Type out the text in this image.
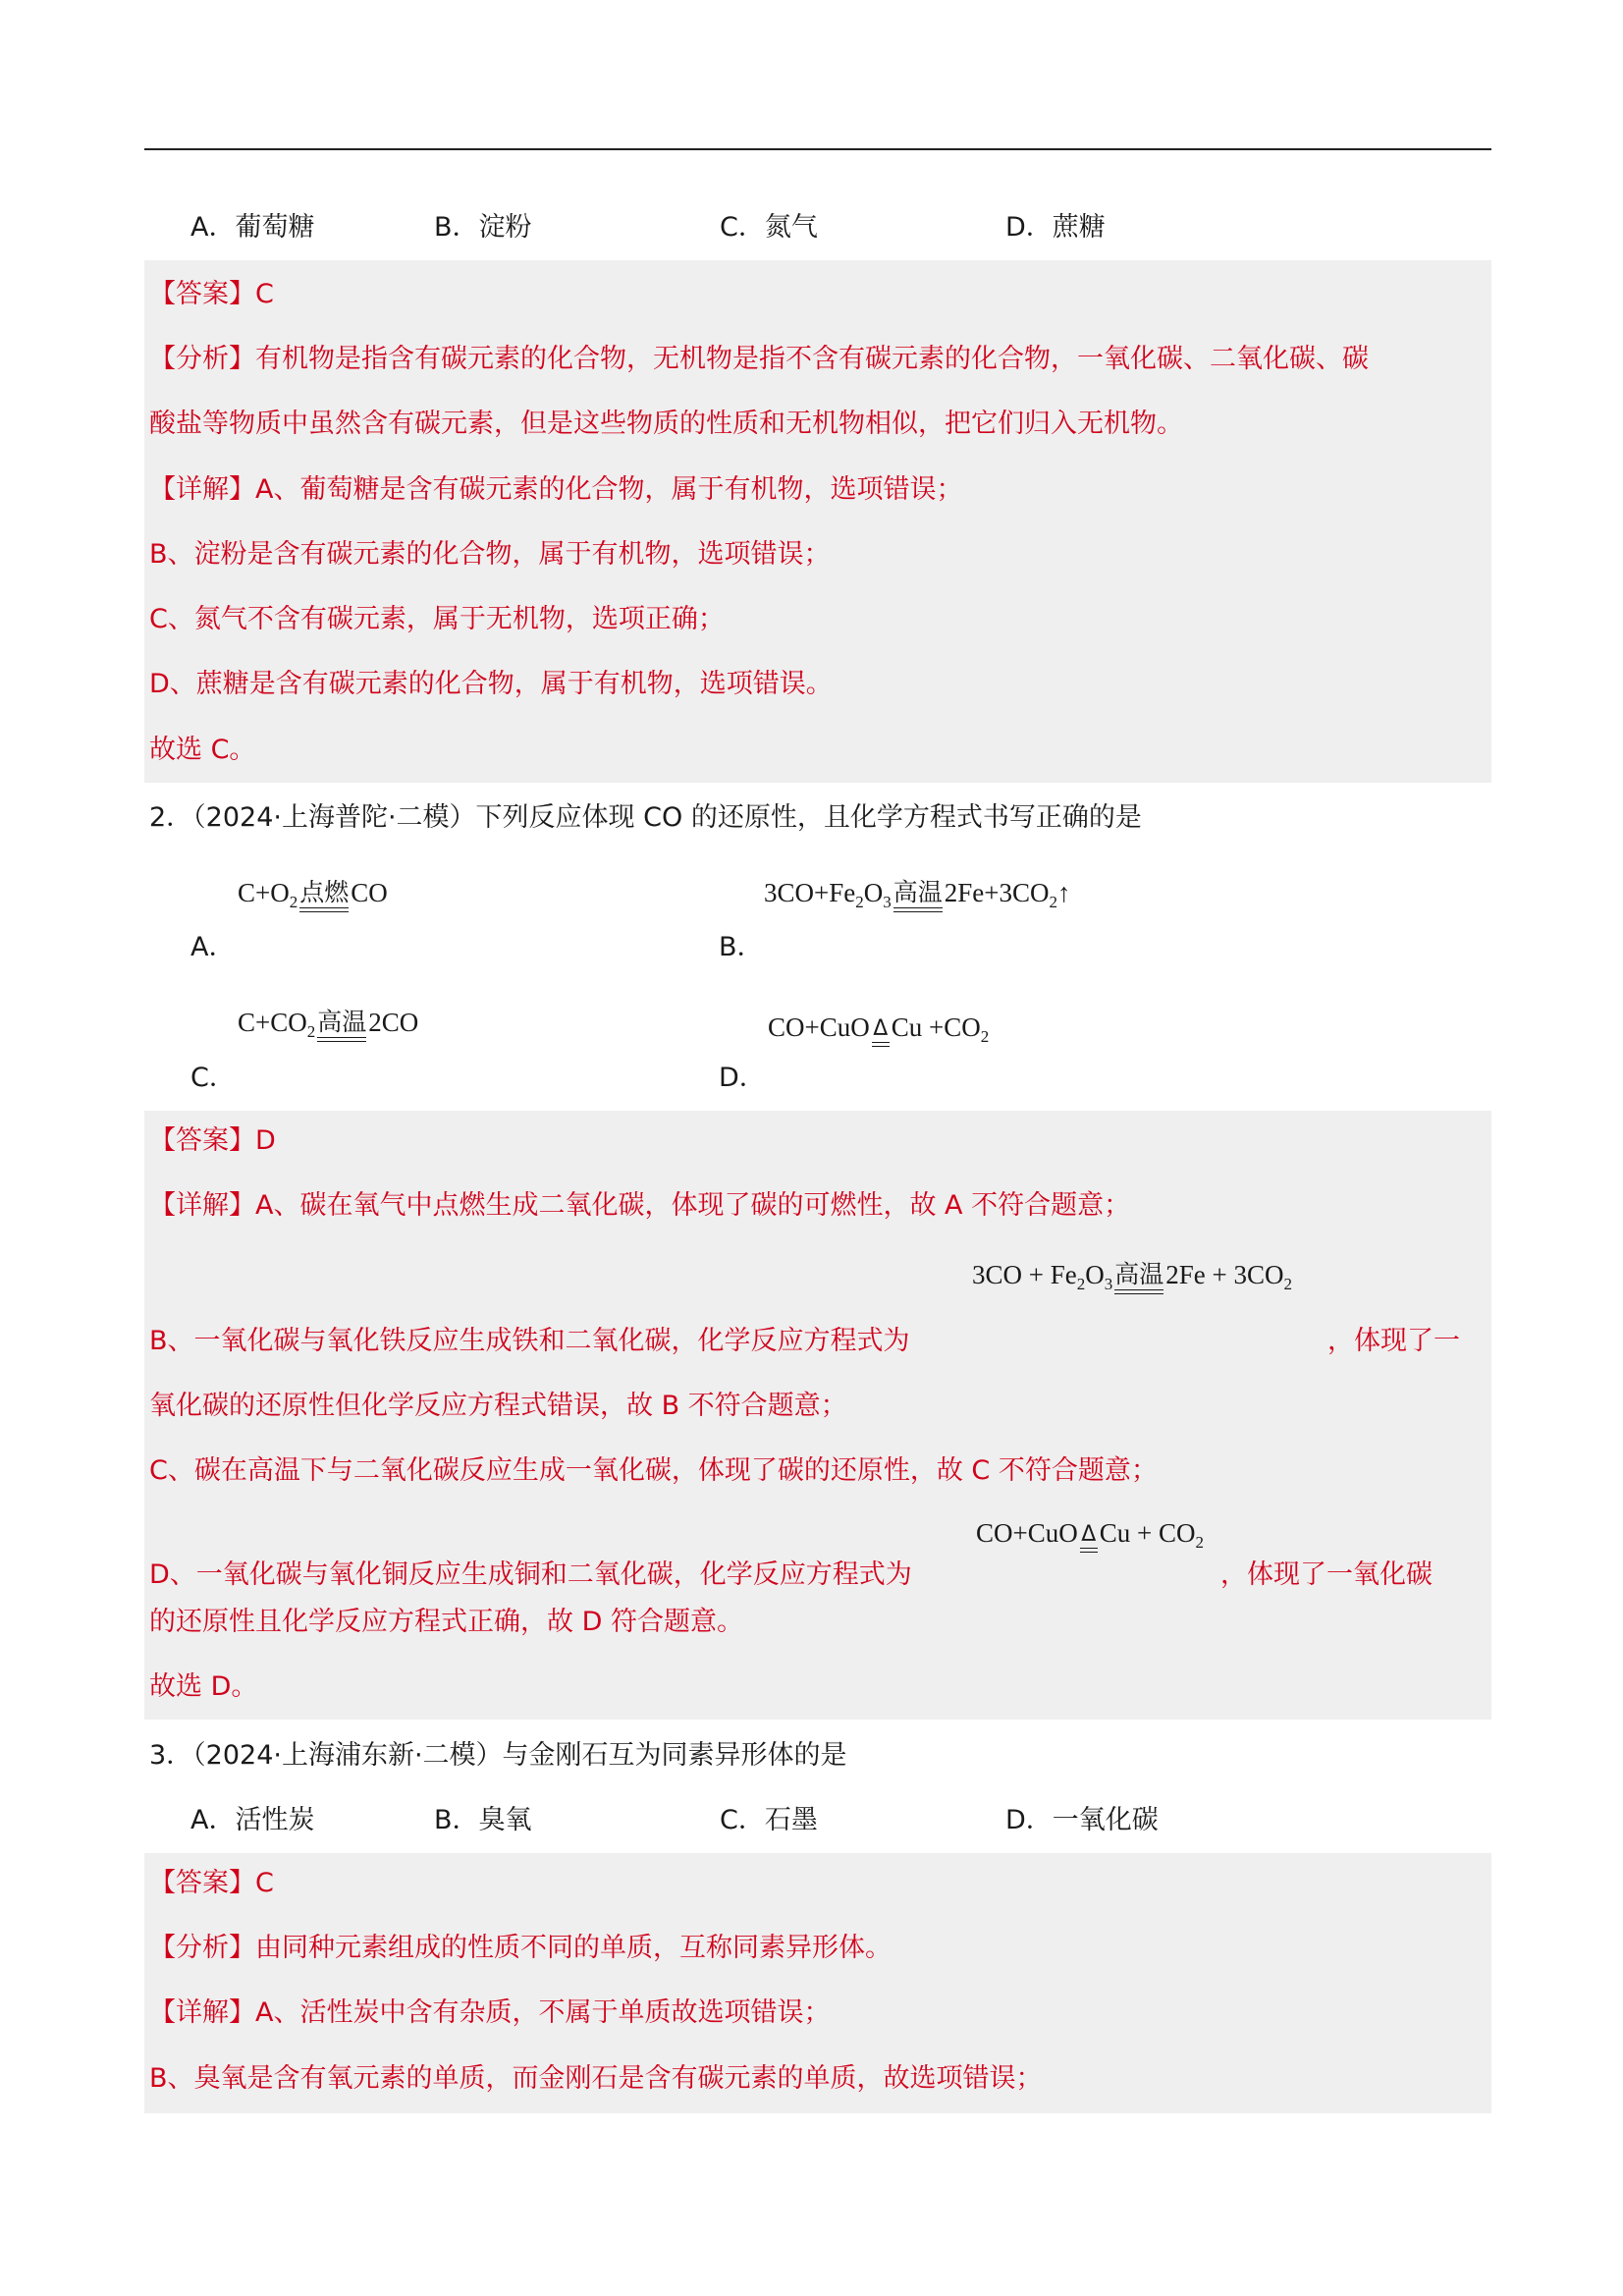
A．葡萄糖	B．淀粉	C．氮气	D．蔗糖
【答案】C
【分析】有机物是指含有碳元素的化合物，无机物是指不含有碳元素的化合物，一氧化碳、二氧化碳、碳
酸盐等物质中虽然含有碳元素，但是这些物质的性质和无机物相似，把它们归入无机物。
【详解】A、葡萄糖是含有碳元素的化合物，属于有机物，选项错误；
B、淀粉是含有碳元素的化合物，属于有机物，选项错误；
C、氮气不含有碳元素，属于无机物，选项正确；
D、蔗糖是含有碳元素的化合物，属于有机物，选项错误。
故选 C。
2．（2024·上海普陀·二模）下列反应体现 CO 的还原性，且化学方程式书写正确的是
$C+O_2$ 点燃 CO
A．
$3CO+Fe_2O_3$ 高温 $2Fe+3CO_2↑$
B．
$C+CO_2$ 高温 2CO
C．
CO+CuO Δ $Cu +CO_2$
D．
【答案】D
【详解】A、碳在氧气中点燃生成二氧化碳，体现了碳的可燃性，故 A 不符合题意；
$3CO + Fe_2O_3$ 高温 $2Fe + 3CO_2$
B、一氧化碳与氧化铁反应生成铁和二氧化碳，化学反应方程式为	，体现了一
氧化碳的还原性但化学反应方程式错误，故 B 不符合题意；
C、碳在高温下与二氧化碳反应生成一氧化碳，体现了碳的还原性，故 C 不符合题意；
CO+CuO Δ $Cu + CO_2$
D、一氧化碳与氧化铜反应生成铜和二氧化碳，化学反应方程式为	，体现了一氧化碳
的还原性且化学反应方程式正确，故 D 符合题意。
故选 D。
3．（2024·上海浦东新·二模）与金刚石互为同素异形体的是
A．活性炭	B．臭氧	C．石墨	D．一氧化碳
【答案】C
【分析】由同种元素组成的性质不同的单质，互称同素异形体。
【详解】A、活性炭中含有杂质，不属于单质故选项错误；
B、臭氧是含有氧元素的单质，而金刚石是含有碳元素的单质，故选项错误；
